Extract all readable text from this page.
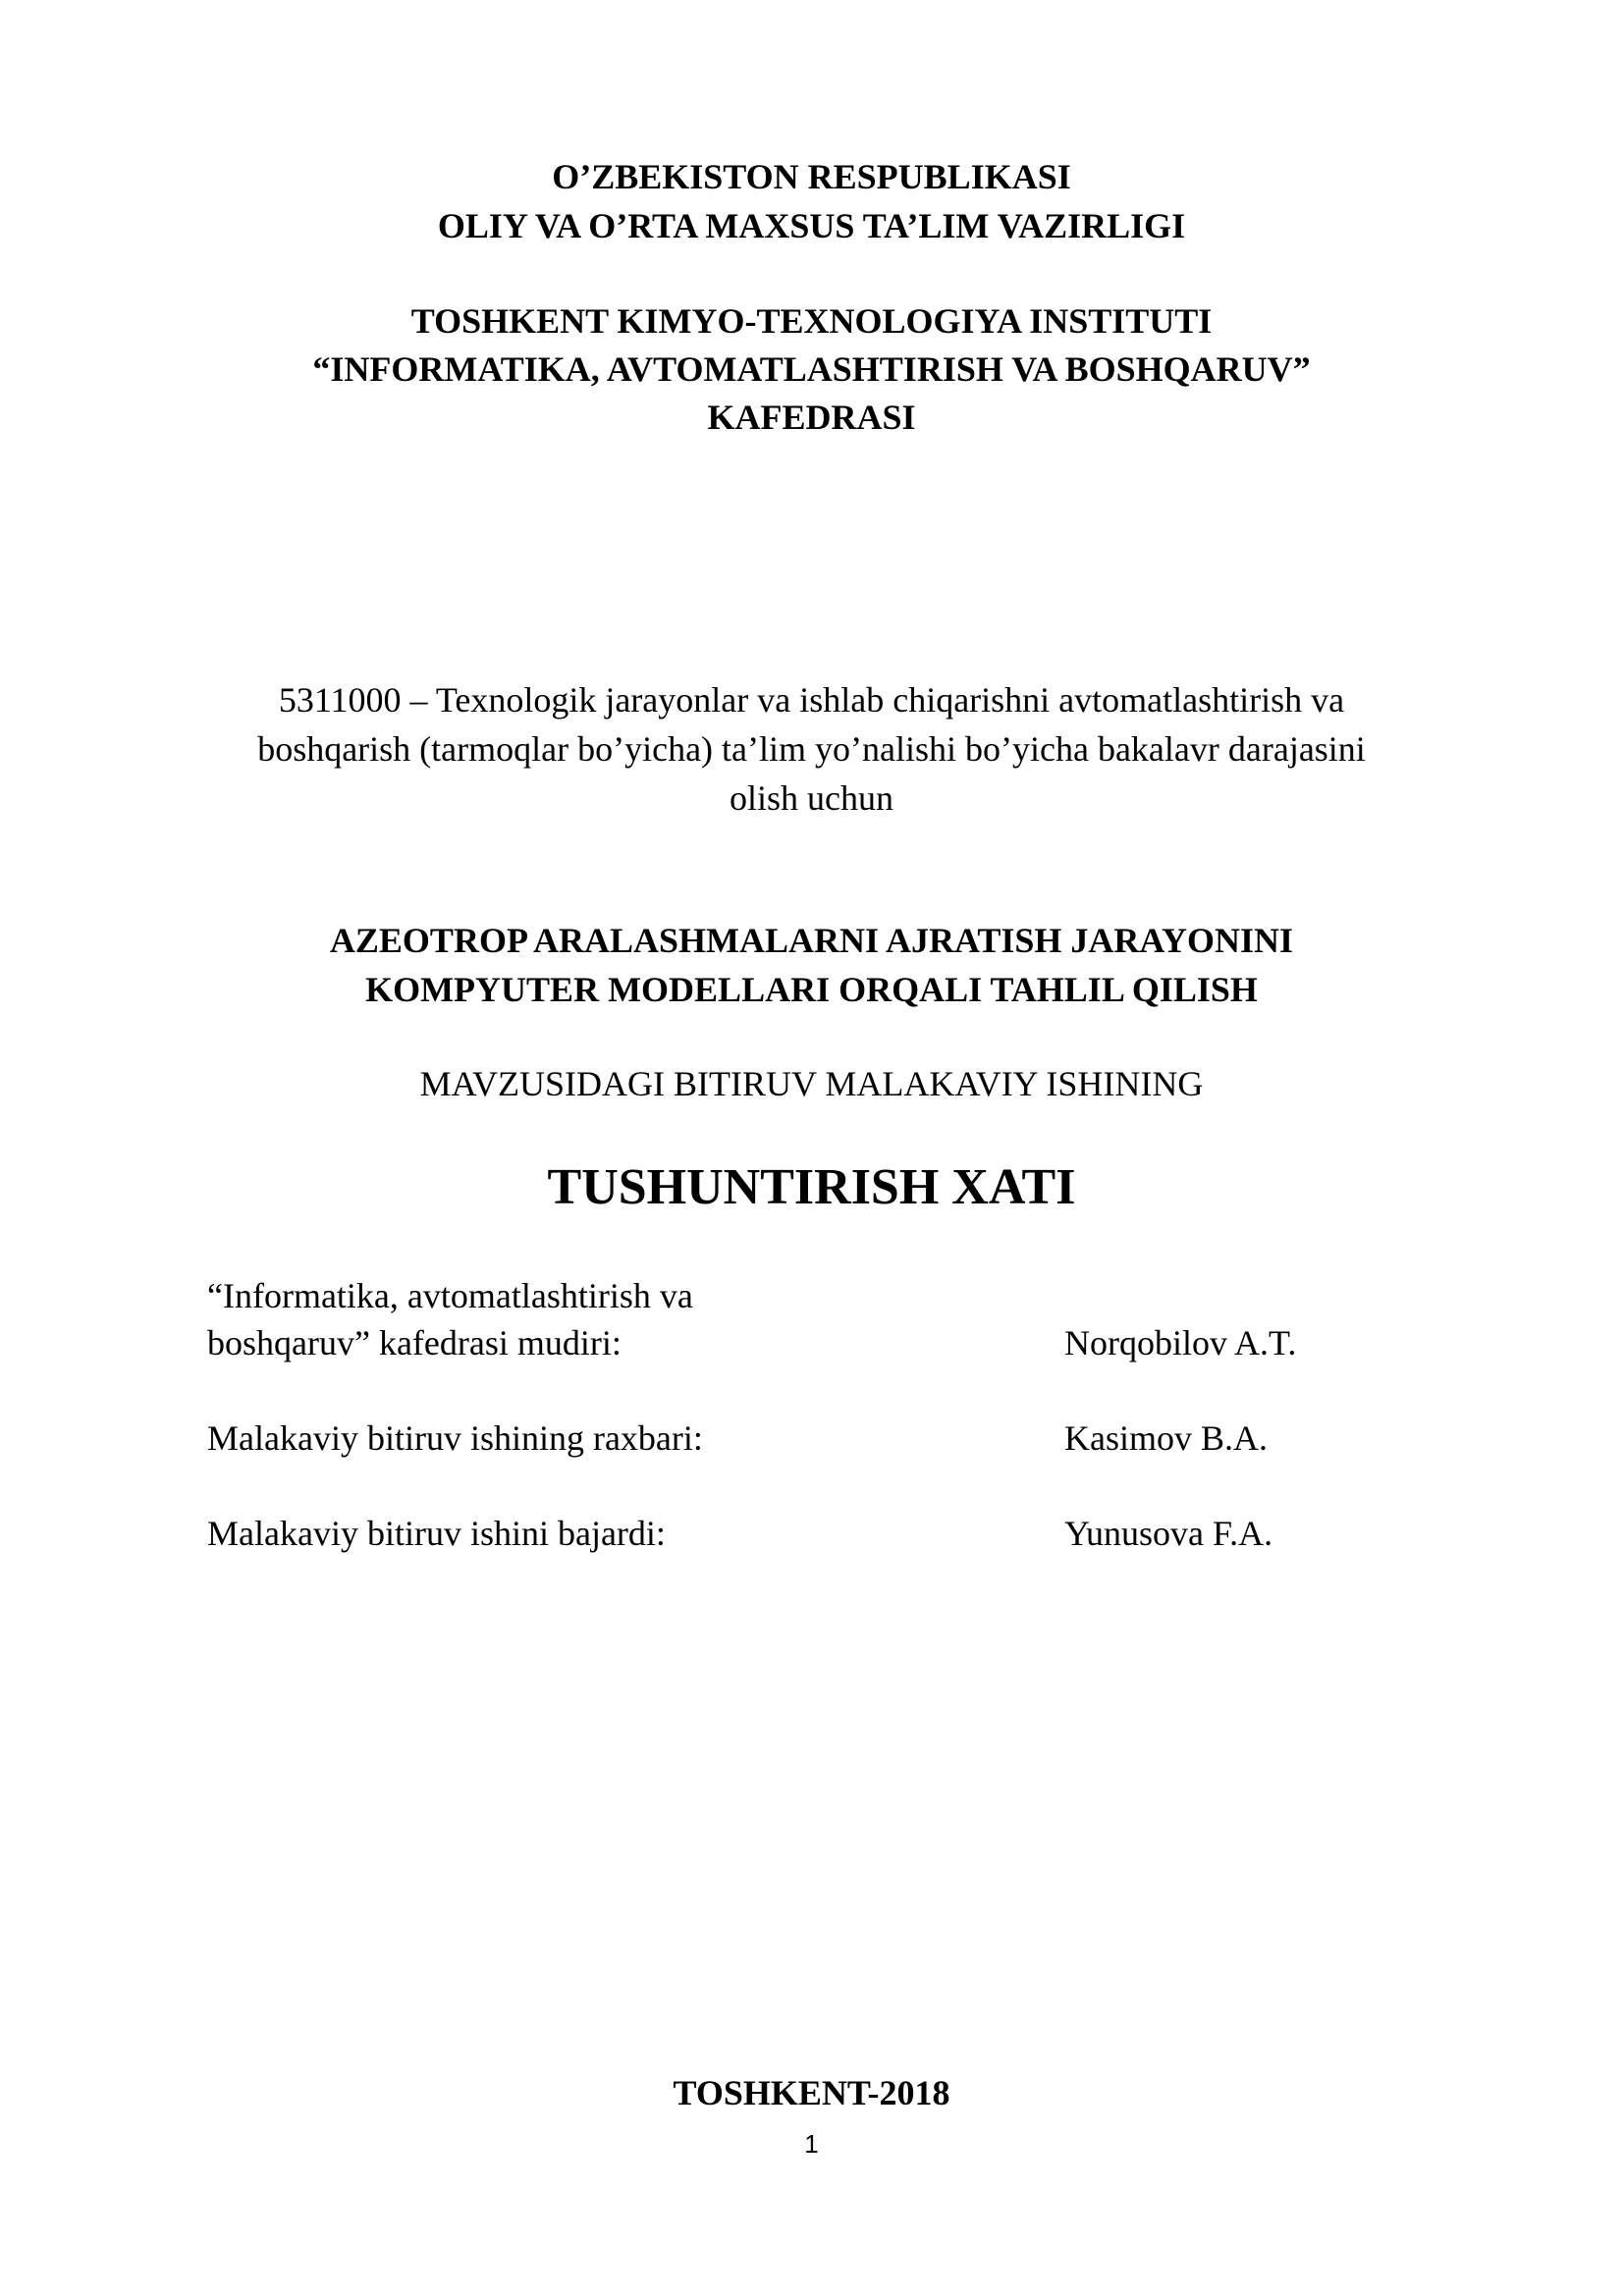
O’ZBEKISTON RESPUBLIKASI
OLIY VA O’RTA MAXSUS TA’LIM VAZIRLIGI
TOSHKENT KIMYO-TEXNOLOGIYA INSTITUTI
“INFORMATIKA, AVTOMATLASHTIRISH VA BOSHQARUV”
KAFEDRASI
5311000 – Texnologik jarayonlar va ishlab chiqarishni avtomatlashtirish va
boshqarish (tarmoqlar bo’yicha) ta’lim yo’nalishi bo’yicha bakalavr darajasini
olish uchun
AZEOTROP ARALASHMALARNI AJRATISH JARAYONINI
KOMPYUTER MODELLARI ORQALI TAHLIL QILISH
MAVZUSIDAGI BITIRUV MALAKAVIY ISHINING
TUSHUNTIRISH XATI
“Informatika, avtomatlashtirish va
boshqaruv” kafedrasi mudiri:	Norqobilov A.T.
Malakaviy bitiruv ishining raxbari:	Kasimov B.A.
Malakaviy bitiruv ishini bajardi:	Yunusova F.A.
TOSHKENT-2018
1
